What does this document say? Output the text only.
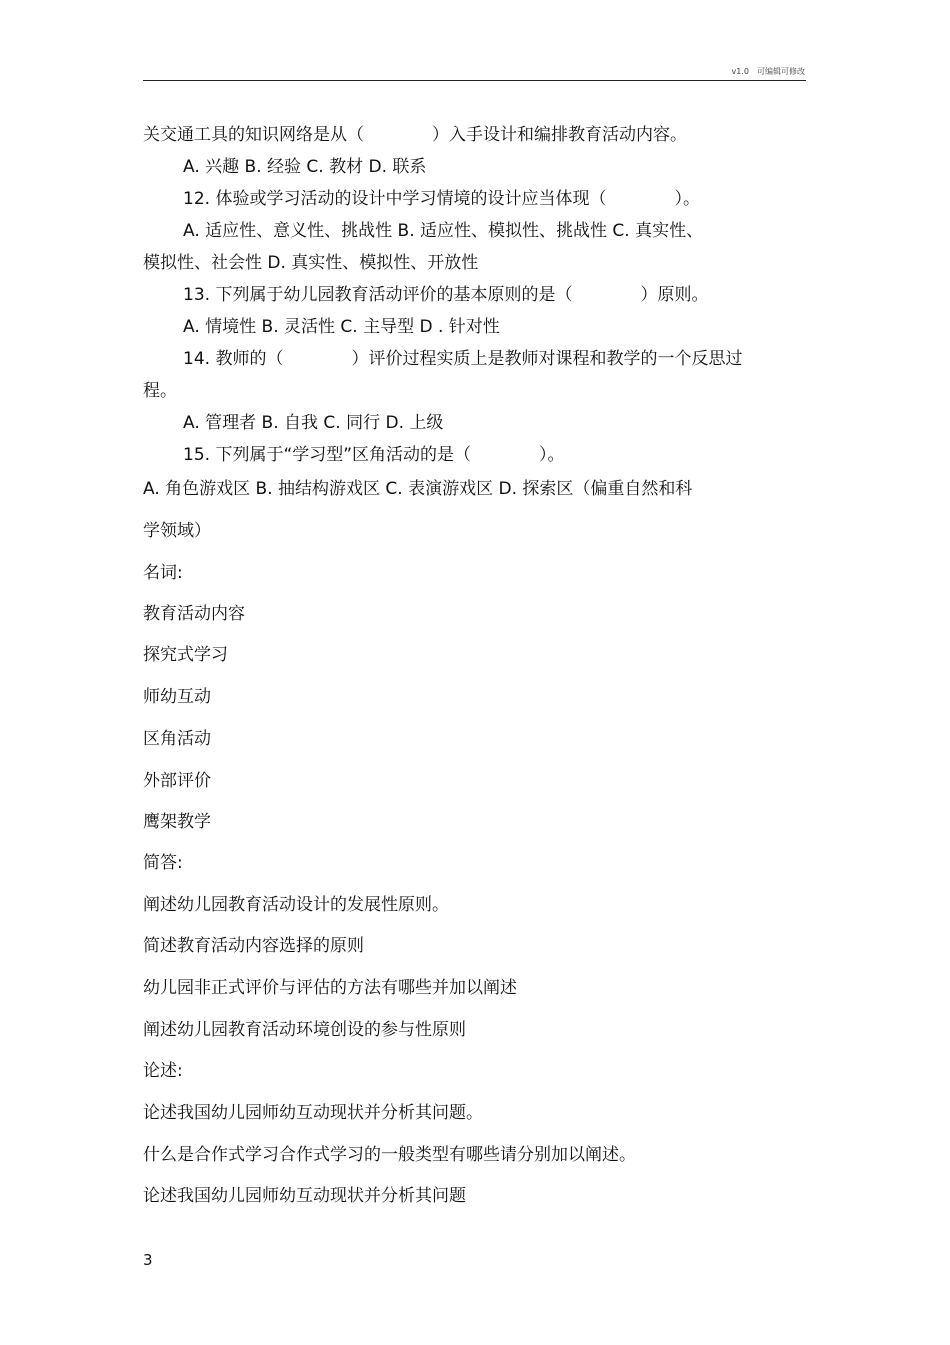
v1.0　可编辑可修改
关交通工具的知识网络是从（　　　　）入手设计和编排教育活动内容。
A. 兴趣 B. 经验 C. 教材 D. 联系
12. 体验或学习活动的设计中学习情境的设计应当体现（　　　　）。
A. 适应性、意义性、挑战性 B. 适应性、模拟性、挑战性 C. 真实性、
模拟性、社会性 D. 真实性、模拟性、开放性
13. 下列属于幼儿园教育活动评价的基本原则的是（　　　　）原则。
A. 情境性 B. 灵活性 C. 主导型 D . 针对性
14. 教师的（　　　　）评价过程实质上是教师对课程和教学的一个反思过
程。
A. 管理者 B. 自我 C. 同行 D. 上级
15. 下列属于“学习型”区角活动的是（　　　　）。
A. 角色游戏区 B. 抽结构游戏区 C. 表演游戏区 D. 探索区（偏重自然和科
学领域）
名词:
教育活动内容
探究式学习
师幼互动
区角活动
外部评价
鹰架教学
简答:
阐述幼儿园教育活动设计的发展性原则。
简述教育活动内容选择的原则
幼儿园非正式评价与评估的方法有哪些并加以阐述
阐述幼儿园教育活动环境创设的参与性原则
论述:
论述我国幼儿园师幼互动现状并分析其问题。
什么是合作式学习合作式学习的一般类型有哪些请分别加以阐述。
论述我国幼儿园师幼互动现状并分析其问题
3
